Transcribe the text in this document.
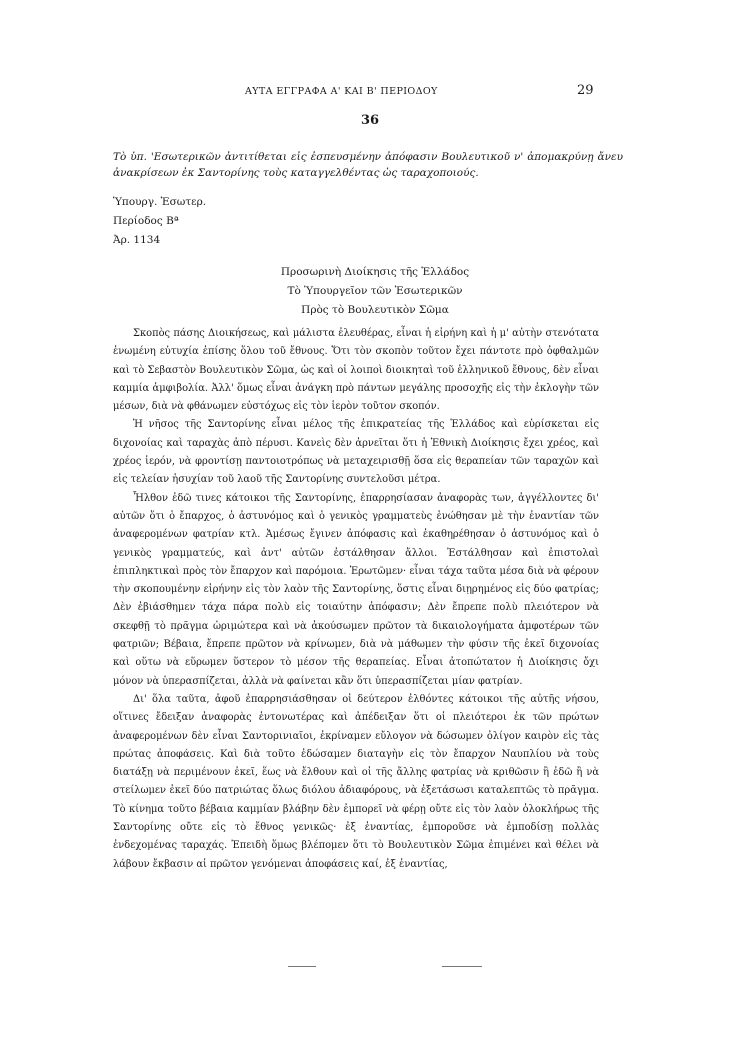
ΑΥΤΑ ΕΓΓΡΑΦΑ Α' ΚΑΙ Β' ΠΕΡΙΟΔΟΥ	29
36
Τὸ ὑπ. 'Εσωτερικῶν ἀντιτίθεται εἰς ἐσπευσμένην ἀπόφασιν Βουλευτικοῦ ν' ἀπομακρύνῃ ἄνευ ἀνακρίσεων ἐκ Σαντορίνης τοὺς καταγγελθέντας ὡς ταραχοποιούς.
Ὑπουργ. Ἐσωτερ.
Περίοδος Βª
Ἀρ. 1134
Προσωρινὴ Διοίκησις τῆς Ἑλλάδος
Τὸ Ὑπουργεῖον τῶν Ἐσωτερικῶν
Πρὸς τὸ Βουλευτικὸν Σῶμα

Σκοπὸς πάσης Διοικήσεως, καὶ μάλιστα ἐλευθέρας, εἶναι ἡ εἰρήνη καὶ ἡ μ' αὐτὴν στενότατα ἑνωμένη εὐτυχία ἐπίσης ὅλου τοῦ ἔθνους. Ὅτι τὸν σκοπὸν τοῦτον ἔχει πάντοτε πρὸ ὀφθαλμῶν καὶ τὸ Σεβαστὸν Βουλευτικὸν Σῶμα, ὡς καὶ οἱ λοιποὶ διοικηταὶ τοῦ ἑλληνικοῦ ἔθνους, δὲν εἶναι καμμία ἀμφιβολία. Ἀλλ' ὅμως εἶναι ἀνάγκη πρὸ πάντων μεγάλης προσοχῆς εἰς τὴν ἐκλογὴν τῶν μέσων, διὰ νὰ φθάνωμεν εὐστόχως εἰς τὸν ἱερὸν τοῦτον σκοπόν.

Ἡ νῆσος τῆς Σαντορίνης εἶναι μέλος τῆς ἐπικρατείας τῆς Ἑλλάδος καὶ εὑρίσκεται εἰς διχονοίας καὶ ταραχὰς ἀπὸ πέρυσι. Κανεὶς δὲν ἀρνεῖται ὅτι ἡ Ἐθνικὴ Διοίκησις ἔχει χρέος, καὶ χρέος ἱερόν, νὰ φροντίσῃ παντοιοτρόπως νὰ μεταχειρισθῇ ὅσα εἰς θεραπείαν τῶν ταραχῶν καὶ εἰς τελείαν ἡσυχίαν τοῦ λαοῦ τῆς Σαντορίνης συντελοῦσι μέτρα.

Ἦλθον ἐδῶ τινες κάτοικοι τῆς Σαντορίνης, ἐπαρρησίασαν ἀναφορὰς των, ἀγγέλλοντες δι' αὐτῶν ὅτι ὁ ἔπαρχος, ὁ ἀστυνόμος καὶ ὁ γενικὸς γραμματεὺς ἑνώθησαν μὲ τὴν ἐναντίαν τῶν ἀναφερομένων φατρίαν κτλ. Ἀμέσως ἔγινεν ἀπόφασις καὶ ἐκαθηρέθησαν ὁ ἀστυνόμος καὶ ὁ γενικὸς γραμματεύς, καὶ ἀντ' αὐτῶν ἐστάλθησαν ἄλλοι. Ἐστάλθησαν καὶ ἐπιστολαὶ ἐπιπληκτικαὶ πρὸς τὸν ἔπαρχον καὶ παρόμοια. Ἐρωτῶμεν· εἶναι τάχα ταῦτα μέσα διὰ νὰ φέρουν τὴν σκοπουμένην εἰρήνην εἰς τὸν λαὸν τῆς Σαντορίνης, ὅστις εἶναι διῃρημένος εἰς δύο φατρίας; Δὲν ἐβιάσθημεν τάχα πάρα πολὺ εἰς τοιαύτην ἀπόφασιν; Δὲν ἔπρεπε πολὺ πλειότερον νὰ σκεφθῇ τὸ πρᾶγμα ὡριμώτερα καὶ νὰ ἀκούσωμεν πρῶτον τὰ δικαιολογήματα ἀμφοτέρων τῶν φατριῶν; Βέβαια, ἔπρεπε πρῶτον νὰ κρίνωμεν, διὰ νὰ μάθωμεν τὴν φύσιν τῆς ἐκεῖ διχονοίας καὶ οὕτω νὰ εὕρωμεν ὕστερον τὸ μέσον τῆς θεραπείας. Εἶναι ἀτοπώτατον ἡ Διοίκησις ὄχι μόνον νὰ ὑπερασπίζεται, ἀλλὰ νὰ φαίνεται κἂν ὅτι ὑπερασπίζεται μίαν φατρίαν.

Δι' ὅλα ταῦτα, ἀφοῦ ἐπαρρησιάσθησαν οἱ δεύτερον ἐλθόντες κάτοικοι τῆς αὐτῆς νήσου, οἵτινες ἔδειξαν ἀναφορὰς ἐντονωτέρας καὶ ἀπέδειξαν ὅτι οἱ πλειότεροι ἐκ τῶν πρώτων ἀναφερομένων δὲν εἶναι Σαντορινιαῖοι, ἐκρίναμεν εὔλογον νὰ δώσωμεν ὀλίγον καιρὸν εἰς τὰς πρώτας ἀποφάσεις. Καὶ διὰ τοῦτο ἐδώσαμεν διαταγὴν εἰς τὸν ἔπαρχον Ναυπλίου νὰ τοὺς διατάξῃ νὰ περιμένουν ἐκεῖ, ἕως νὰ ἔλθουν καὶ οἱ τῆς ἄλλης φατρίας νὰ κριθῶσιν ἢ ἐδῶ ἢ νὰ στείλωμεν ἐκεῖ δύο πατριώτας ὅλως διόλου ἀδιαφόρους, νὰ ἐξετάσωσι καταλεπτῶς τὸ πρᾶγμα. Τὸ κίνημα τοῦτο βέβαια καμμίαν βλάβην δὲν ἐμπορεῖ νὰ φέρῃ οὔτε εἰς τὸν λαὸν ὁλοκλήρως τῆς Σαντορίνης οὔτε εἰς τὸ ἔθνος γενικῶς· ἐξ ἐναντίας, ἐμποροῦσε νὰ ἐμποδίσῃ πολλὰς ἐνδεχομένας ταραχάς. Ἐπειδὴ ὅμως βλέπομεν ὅτι τὸ Βουλευτικὸν Σῶμα ἐπιμένει καὶ θέλει νὰ λάβουν ἔκβασιν αἱ πρῶτον γενόμεναι ἀποφάσεις καί, ἐξ ἐναντίας,
